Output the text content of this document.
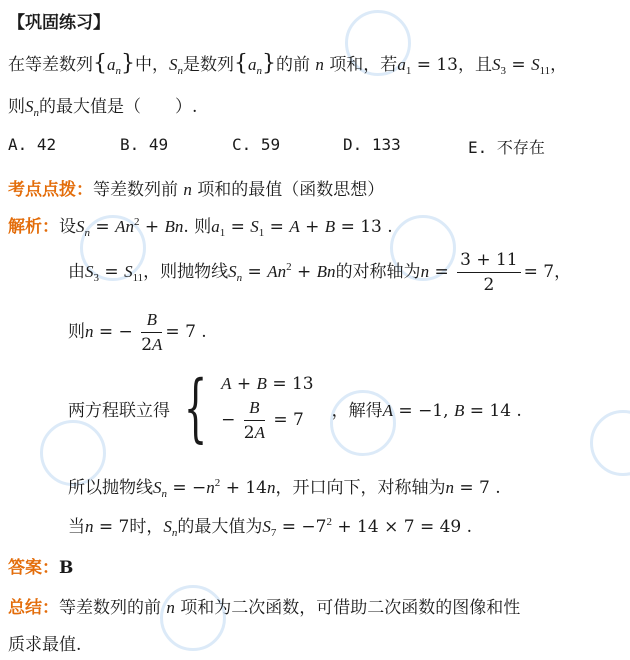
【巩固练习】
在等差数列$\{a_n\}$中，$S_n$是数列$\{a_n\}$的前 n 项和，若$a_1 = 13$，且$S_3 = S_{11}$，
则$S_n$的最大值是（　　）.
A. 42	B. 49	C. 59	D. 133	E. 不存在
考点点拨：等差数列前 n 项和的最值（函数思想）
解析：设$S_n = An^2 + Bn$. 则$a_1 = S_1 = A + B = 13$ .
由$S_3 = S_{11}$，则抛物线$S_n = An^2 + Bn$的对称轴为$n = \frac{3 + 11}{2} = 7$，
则n = − $\frac{B}{2A} = 7$ .
两方程联立得 { A + B = 13
− $\frac{B}{2A} = 7$	，解得A = −1, B = 14 .
所以抛物线$S_n = -n^2 + 14n$，开口向下，对称轴为n = 7 .
当n = 7时，$S_n$的最大值为$S_7 = -7^2 + 14 \times 7 = 49$ .
答案：B
总结：等差数列的前 n 项和为二次函数，可借助二次函数的图像和性
质求最值.
